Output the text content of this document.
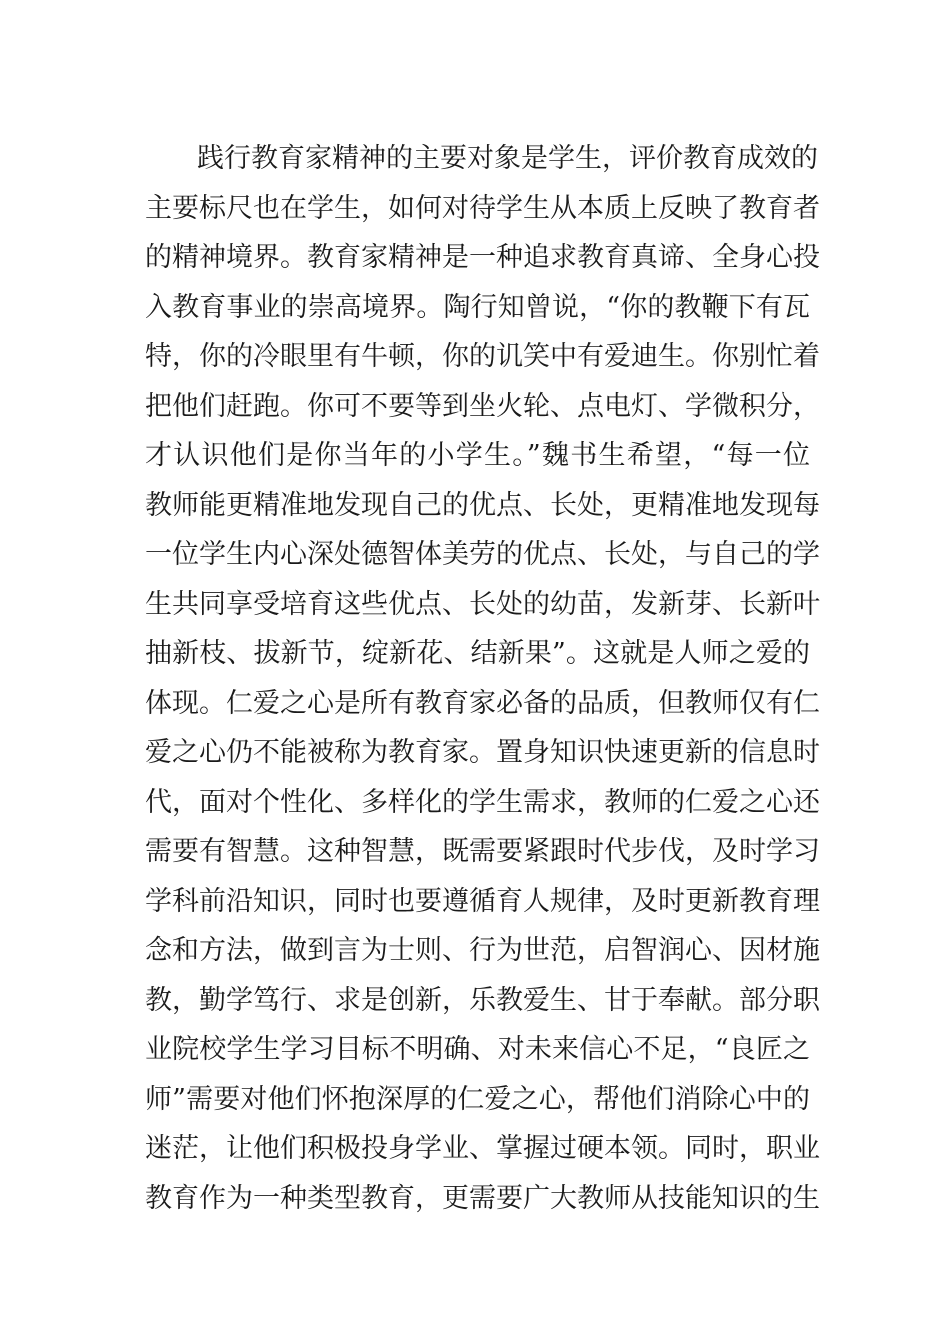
践行教育家精神的主要对象是学生，评价教育成效的
主要标尺也在学生，如何对待学生从本质上反映了教育者
的精神境界。教育家精神是一种追求教育真谛、全身心投
入教育事业的崇高境界。陶行知曾说，“你的教鞭下有瓦
特，你的冷眼里有牛顿，你的讥笑中有爱迪生。你别忙着
把他们赶跑。你可不要等到坐火轮、点电灯、学微积分，
才认识他们是你当年的小学生。”魏书生希望，“每一位
教师能更精准地发现自己的优点、长处，更精准地发现每
一位学生内心深处德智体美劳的优点、长处，与自己的学
生共同享受培育这些优点、长处的幼苗，发新芽、长新叶
抽新枝、拔新节，绽新花、结新果”。这就是人师之爱的
体现。仁爱之心是所有教育家必备的品质，但教师仅有仁
爱之心仍不能被称为教育家。置身知识快速更新的信息时
代，面对个性化、多样化的学生需求，教师的仁爱之心还
需要有智慧。这种智慧，既需要紧跟时代步伐，及时学习
学科前沿知识，同时也要遵循育人规律，及时更新教育理
念和方法，做到言为士则、行为世范，启智润心、因材施
教，勤学笃行、求是创新，乐教爱生、甘于奉献。部分职
业院校学生学习目标不明确、对未来信心不足，“良匠之
师”需要对他们怀抱深厚的仁爱之心，帮他们消除心中的
迷茫，让他们积极投身学业、掌握过硬本领。同时，职业
教育作为一种类型教育，更需要广大教师从技能知识的生
